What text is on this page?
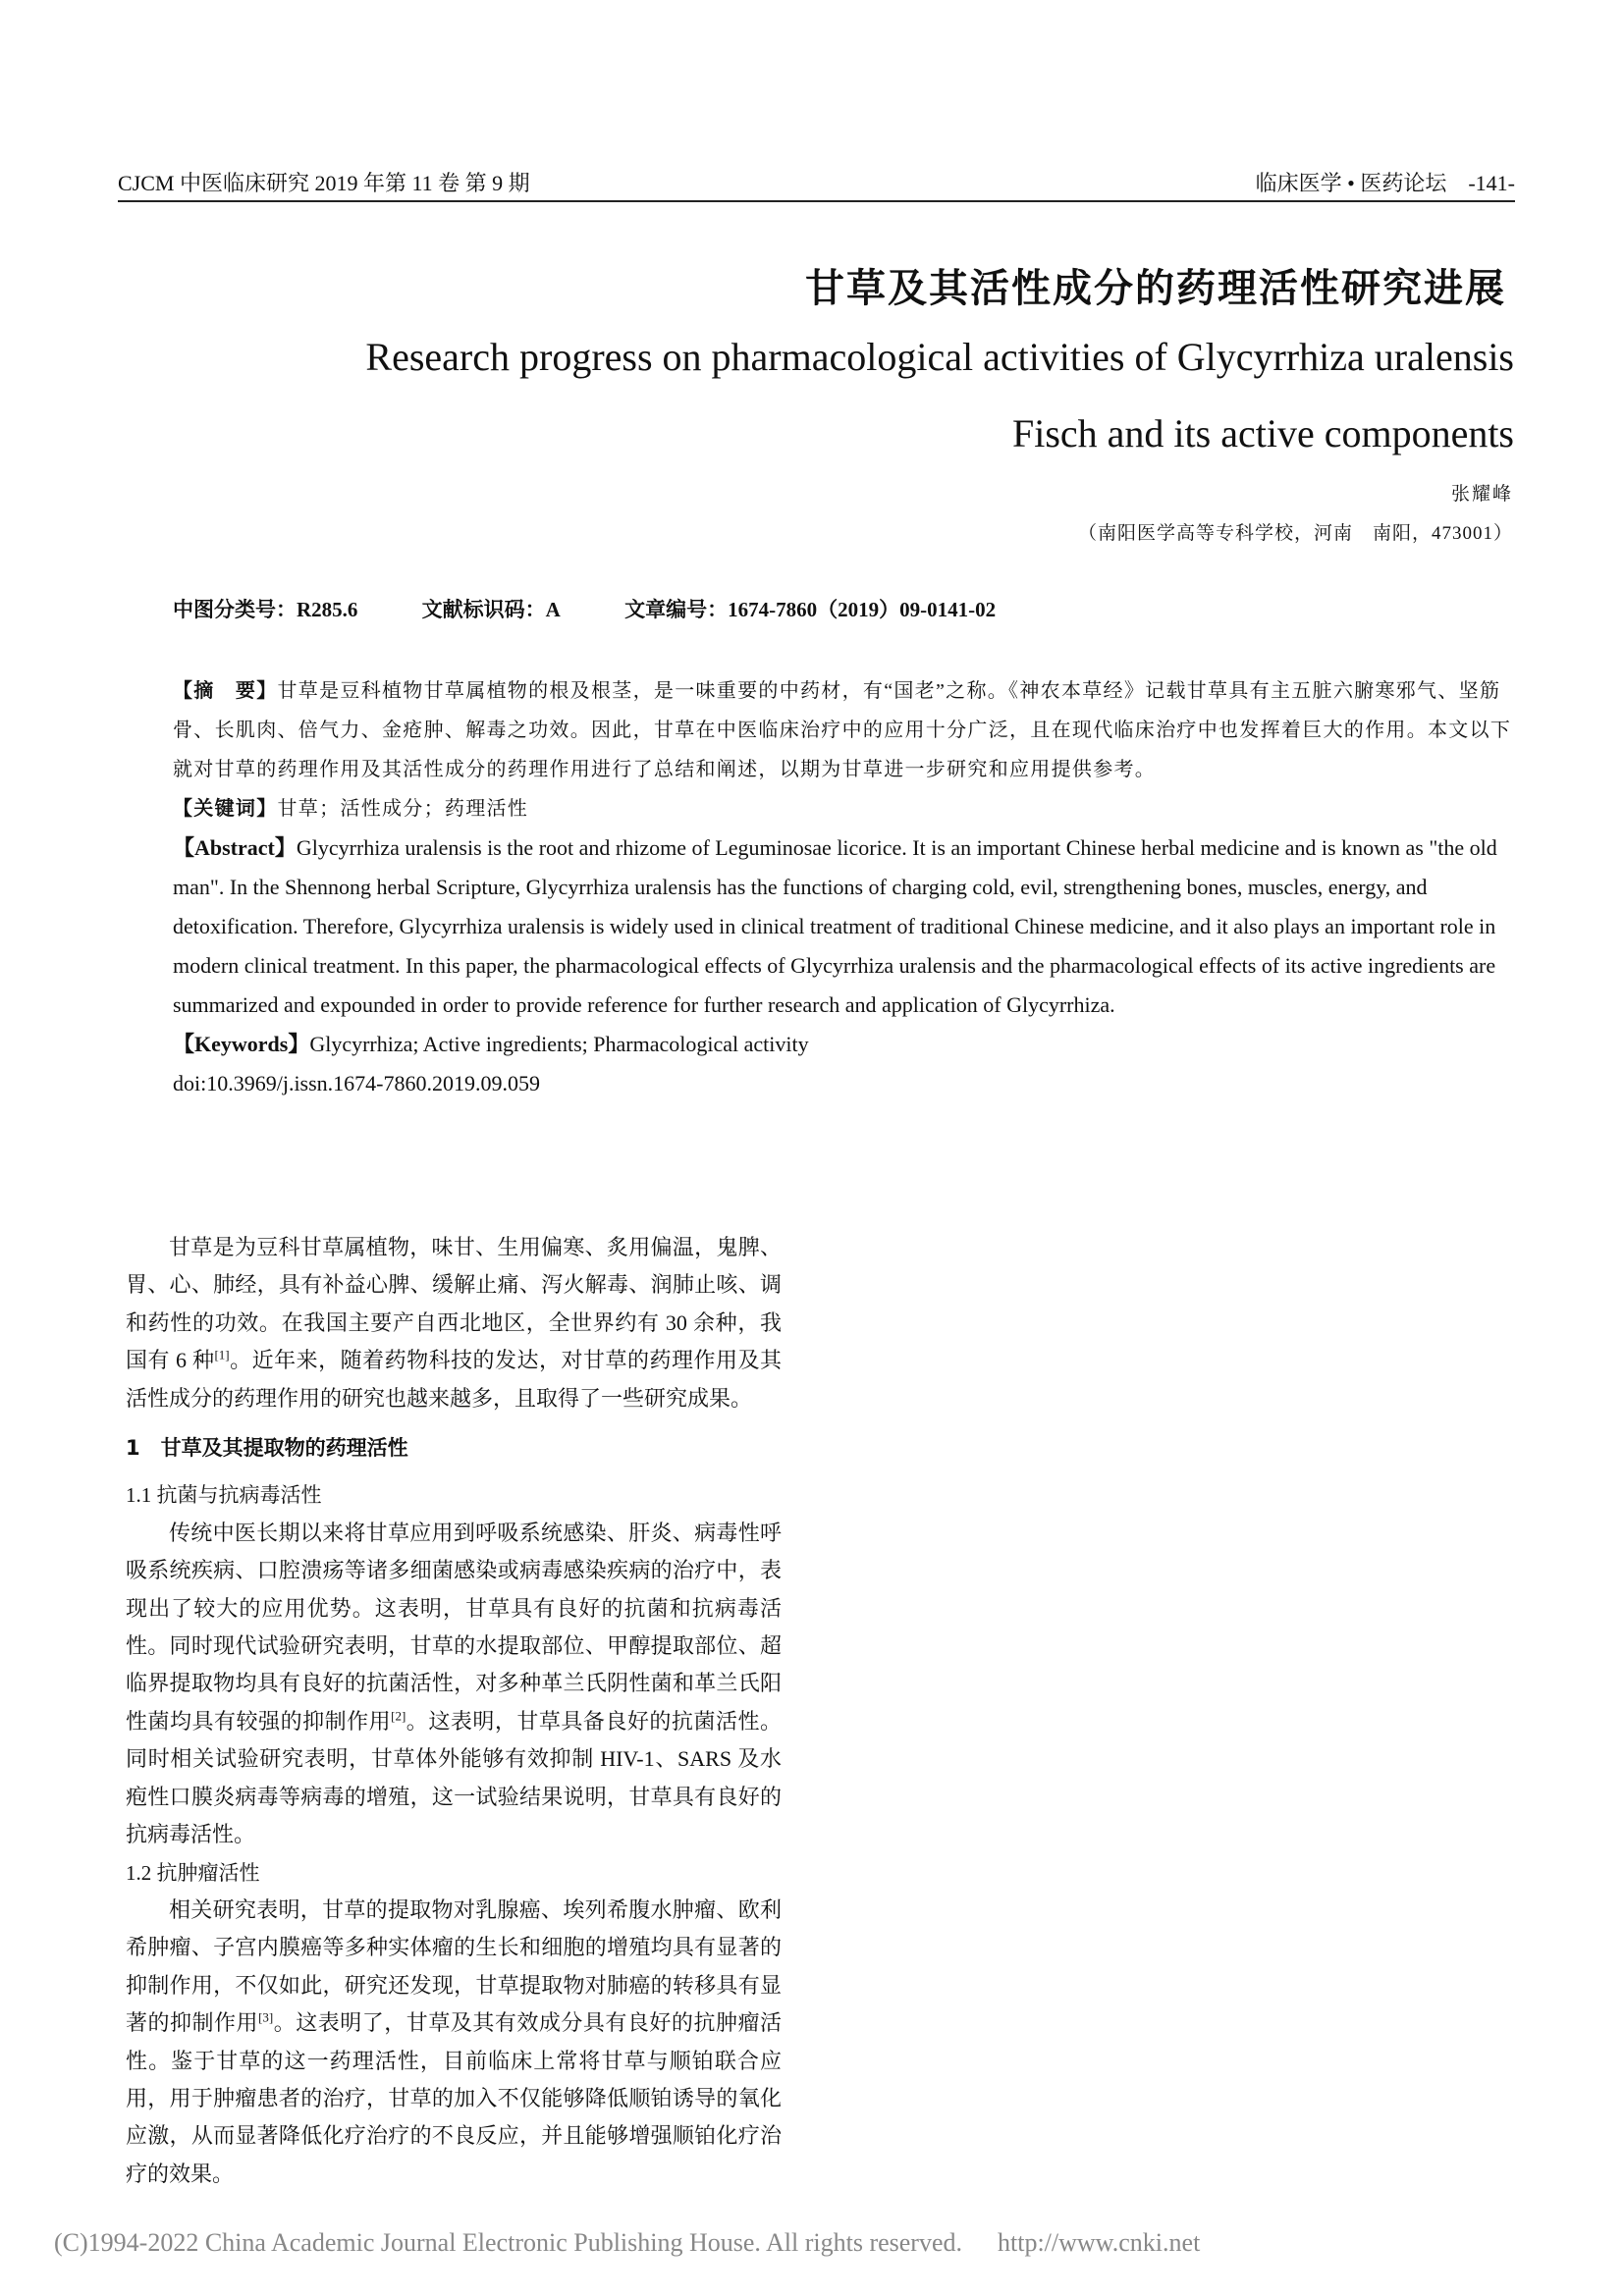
CJCM 中医临床研究 2019 年第 11 卷 第 9 期	临床医学 • 医药论坛 -141-
甘草及其活性成分的药理活性研究进展
Research progress on pharmacological activities of Glycyrrhiza uralensis
Fisch and its active components
张耀峰
（南阳医学高等专科学校，河南　南阳，473001）
中图分类号：R285.6	文献标识码：A	文章编号：1674-7860（2019）09-0141-02

【摘　要】甘草是豆科植物甘草属植物的根及根茎，是一味重要的中药材，有“国老”之称。《神农本草经》记载甘草具有主五脏六腑寒邪气、坚筋骨、长肌肉、倍气力、金疮肿、解毒之功效。因此，甘草在中医临床治疗中的应用十分广泛，且在现代临床治疗中也发挥着巨大的作用。本文以下就对甘草的药理作用及其活性成分的药理作用进行了总结和阐述，以期为甘草进一步研究和应用提供参考。

【关键词】甘草；活性成分；药理活性

【Abstract】Glycyrrhiza uralensis is the root and rhizome of Leguminosae licorice. It is an important Chinese herbal medicine and is known as "the old man". In the Shennong herbal Scripture, Glycyrrhiza uralensis has the functions of charging cold, evil, strengthening bones, muscles, energy, and detoxification. Therefore, Glycyrrhiza uralensis is widely used in clinical treatment of traditional Chinese medicine, and it also plays an important role in modern clinical treatment. In this paper, the pharmacological effects of Glycyrrhiza uralensis and the pharmacological effects of its active ingredients are summarized and expounded in order to provide reference for further research and application of Glycyrrhiza.

【Keywords】Glycyrrhiza; Active ingredients; Pharmacological activity

doi:10.3969/j.issn.1674-7860.2019.09.059

甘草是为豆科甘草属植物，味甘、生用偏寒、炙用偏温，鬼脾、胃、心、肺经，具有补益心脾、缓解止痛、泻火解毒、润肺止咳、调和药性的功效。在我国主要产自西北地区，全世界约有 30 余种，我国有 6 种[1]。近年来，随着药物科技的发达，对甘草的药理作用及其活性成分的药理作用的研究也越来越多，且取得了一些研究成果。

1　甘草及其提取物的药理活性

1.1 抗菌与抗病毒活性

传统中医长期以来将甘草应用到呼吸系统感染、肝炎、病毒性呼吸系统疾病、口腔溃疡等诸多细菌感染或病毒感染疾病的治疗中，表现出了较大的应用优势。这表明，甘草具有良好的抗菌和抗病毒活性。同时现代试验研究表明，甘草的水提取部位、甲醇提取部位、超临界提取物均具有良好的抗菌活性，对多种革兰氏阴性菌和革兰氏阳性菌均具有较强的抑制作用[2]。这表明，甘草具备良好的抗菌活性。同时相关试验研究表明，甘草体外能够有效抑制 HIV-1、SARS 及水疱性口膜炎病毒等病毒的增殖，这一试验结果说明，甘草具有良好的抗病毒活性。

1.2 抗肿瘤活性

相关研究表明，甘草的提取物对乳腺癌、埃列希腹水肿瘤、欧利希肿瘤、子宫内膜癌等多种实体瘤的生长和细胞的增殖均具有显著的抑制作用，不仅如此，研究还发现，甘草提取物对肺癌的转移具有显著的抑制作用[3]。这表明了，甘草及其有效成分具有良好的抗肿瘤活性。鉴于甘草的这一药理活性，目前临床上常将甘草与顺铂联合应用，用于肿瘤患者的治疗，甘草的加入不仅能够降低顺铂诱导的氧化应激，从而显著降低化疗治疗的不良反应，并且能够增强顺铂化疗治疗的效果。

(C)1994-2022 China Academic Journal Electronic Publishing House. All rights reserved. http://www.cnki.net
